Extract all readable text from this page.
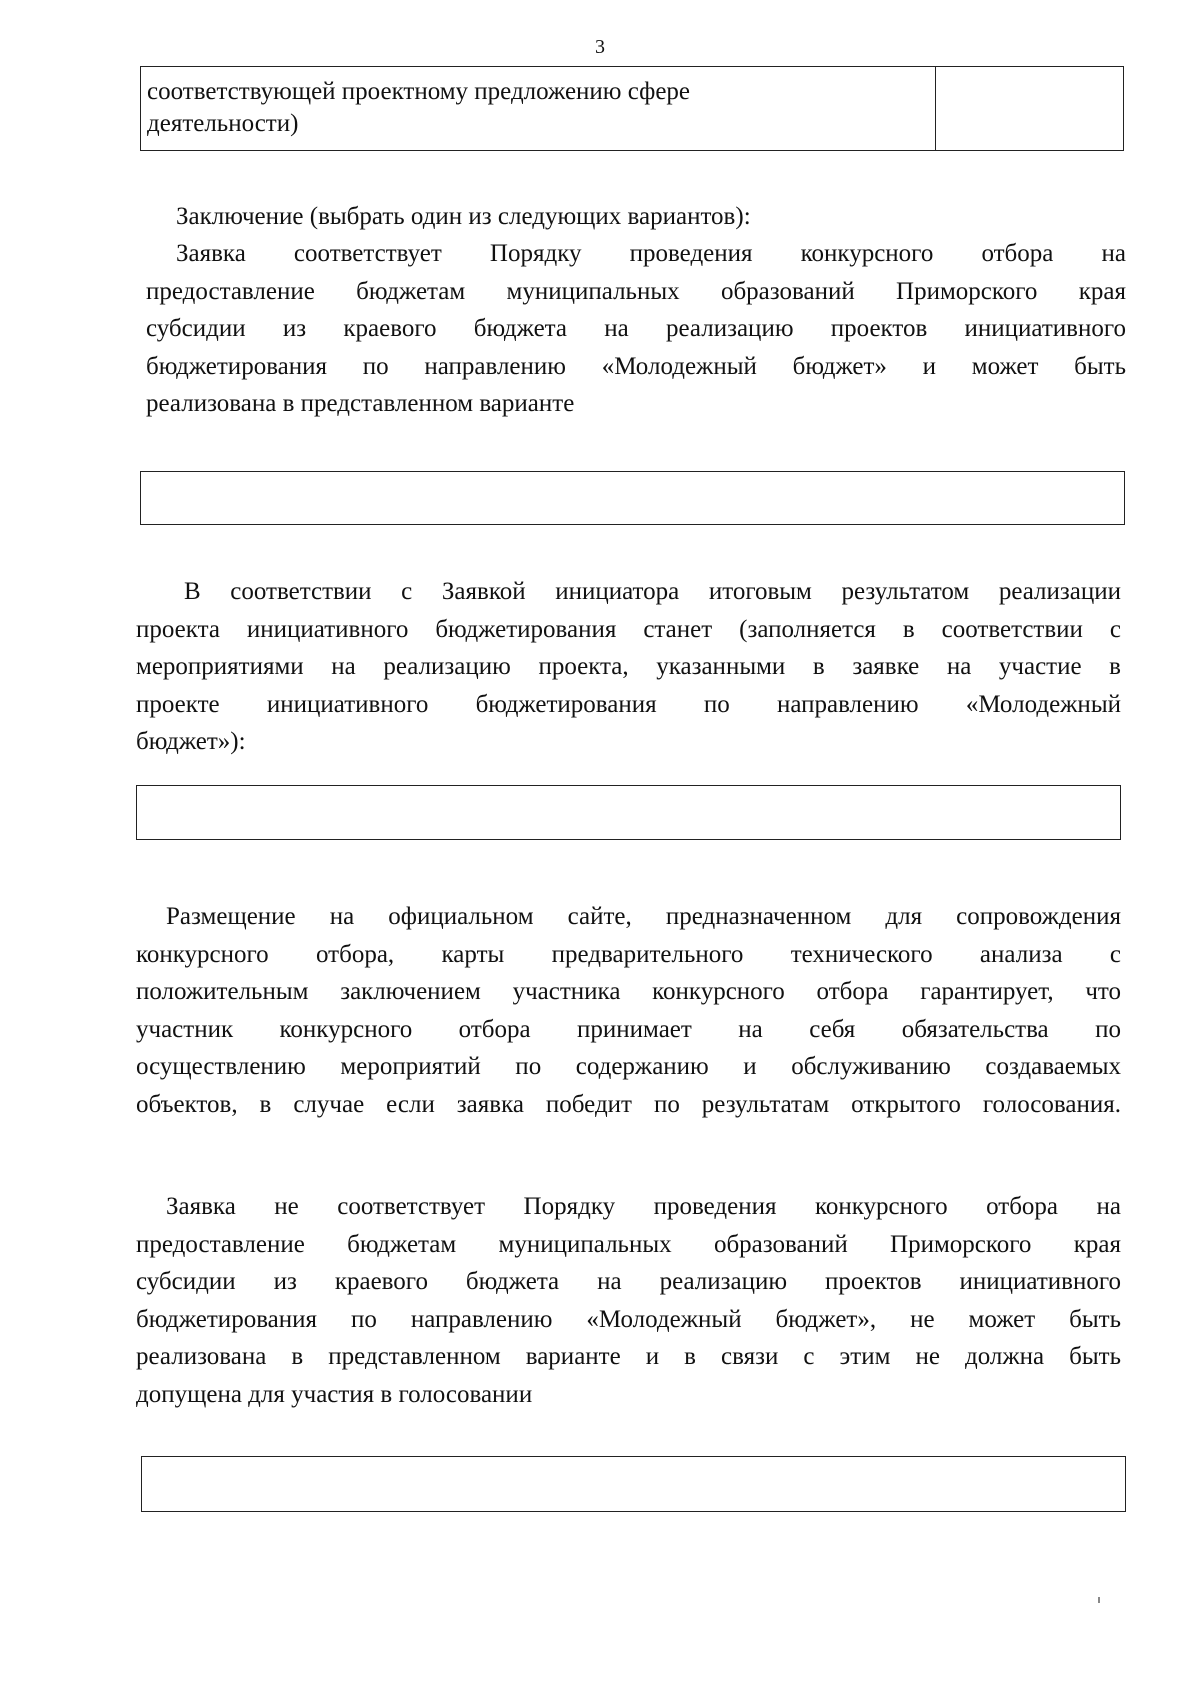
3
соответствующей проектному предложению сфере
деятельности)
Заключение (выбрать один из следующих вариантов):
Заявка соответствует Порядку проведения конкурсного отбора на
предоставление бюджетам муниципальных образований Приморского края
субсидии из краевого бюджета на реализацию проектов инициативного
бюджетирования по направлению «Молодежный бюджет» и может быть
реализована в представленном варианте
В соответствии с Заявкой инициатора итоговым результатом реализации
проекта инициативного бюджетирования станет (заполняется в соответствии с
мероприятиями на реализацию проекта, указанными в заявке на участие в
проекте инициативного бюджетирования по направлению «Молодежный
бюджет»):
Размещение на официальном сайте, предназначенном для сопровождения
конкурсного отбора, карты предварительного технического анализа с
положительным заключением участника конкурсного отбора гарантирует, что
участник конкурсного отбора принимает на себя обязательства по
осуществлению мероприятий по содержанию и обслуживанию создаваемых
объектов, в случае если заявка победит по результатам открытого голосования.
Заявка не соответствует Порядку проведения конкурсного отбора на
предоставление бюджетам муниципальных образований Приморского края
субсидии из краевого бюджета на реализацию проектов инициативного
бюджетирования по направлению «Молодежный бюджет», не может быть
реализована в представленном варианте и в связи с этим не должна быть
допущена для участия в голосовании
